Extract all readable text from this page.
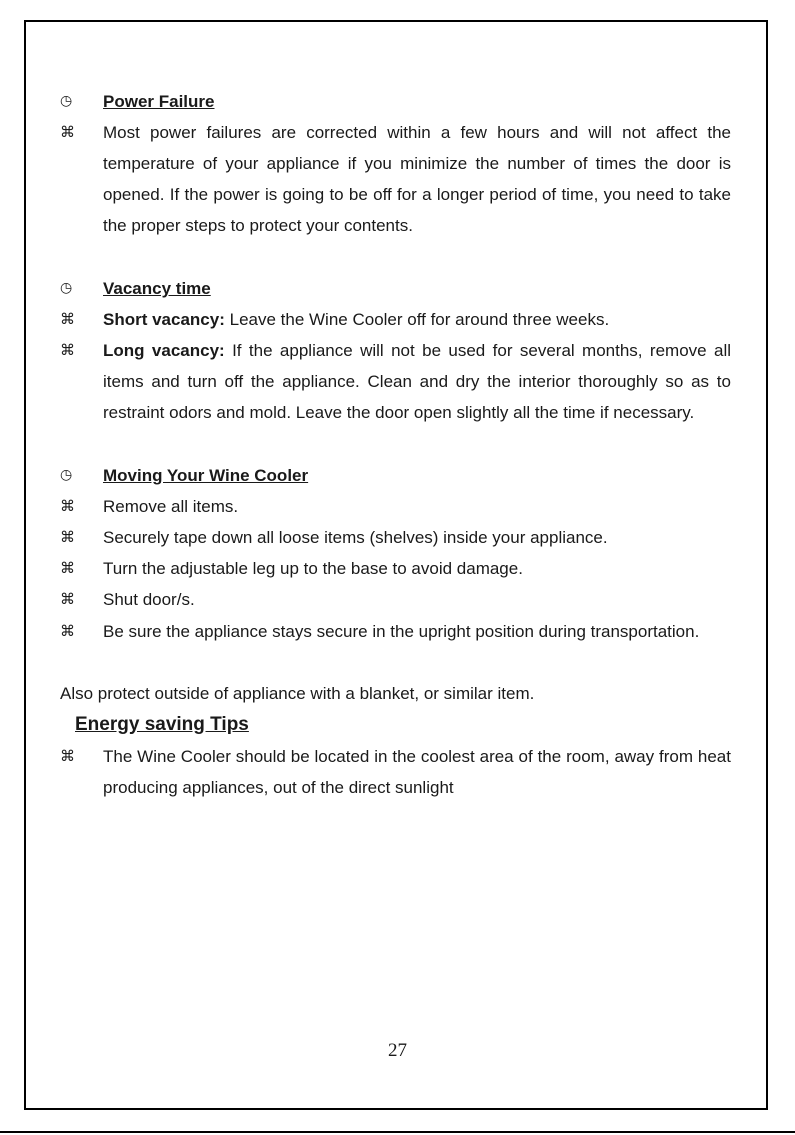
◷	Power Failure
⌘	Most power failures are corrected within a few hours and will not affect the temperature of your appliance if you minimize the number of times the door is opened. If the power is going to be off for a longer period of time, you need to take the proper steps to protect your contents.
◷	Vacancy time
⌘	Short vacancy: Leave the Wine Cooler off for around three weeks.
⌘	Long vacancy: If the appliance will not be used for several months, remove all items and turn off the appliance. Clean and dry the interior thoroughly so as to restraint odors and mold. Leave the door open slightly all the time if necessary.
◷	Moving Your Wine Cooler
⌘	Remove all items.
⌘	Securely tape down all loose items (shelves) inside your appliance.
⌘	Turn the adjustable leg up to the base to avoid damage.
⌘	Shut door/s.
⌘	Be sure the appliance stays secure in the upright position during transportation.
Also protect outside of appliance with a blanket, or similar item.
Energy saving Tips
⌘	The Wine Cooler should be located in the coolest area of the room, away from heat producing appliances, out of the direct sunlight
27
